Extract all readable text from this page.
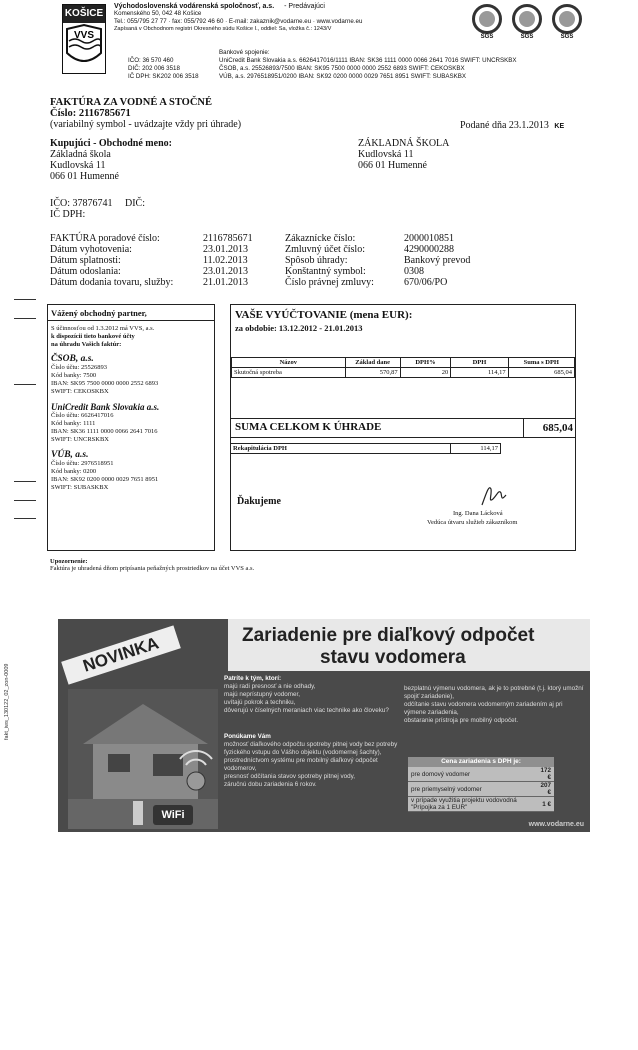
KOŠICE
VVS
Východoslovenská vodárenská spoločnosť, a.s. - Predávajúci
Komenského 50, 042 48 Košice
Tel.: 055/795 27 77 · fax: 055/792 46 60 · E-mail: zakaznik@vodarne.eu · www.vodarne.eu
Zapísaná v Obchodnom registri Okresného súdu Košice I., oddiel: Sa, vložka č.: 1243/V
IČO: 36 570 460
DIČ: 202 006 3518
IČ DPH: SK202 006 3518
Bankové spojenie:
UniCredit Bank Slovakia a.s. 6626417016/1111 IBAN: SK36 1111 0000 0066 2641 7016 SWIFT: UNCRSKBX
ČSOB, a.s. 25526893/7500 IBAN: SK95 7500 0000 0000 2552 6893 SWIFT: CEKOSKBX
VÚB, a.s. 2976518951/0200 IBAN: SK92 0200 0000 0029 7651 8951 SWIFT: SUBASKBX
SGS	SGS	SGS
FAKTÚRA ZA VODNÉ A STOČNÉ
Číslo: 2116785671
(variabilný symbol - uvádzajte vždy pri úhrade)	Podané dňa 23.1.2013 KE
Kupujúci - Obchodné meno:
Základná škola
Kudlovská 11
066 01 Humenné
ZÁKLADNÁ ŠKOLA
Kudlovská 11
066 01 Humenné
IČO: 37876741     DIČ:
IČ DPH:
FAKTÚRA poradové číslo:	2116785671
Dátum vyhotovenia:	23.01.2013
Dátum splatnosti:	11.02.2013
Dátum odoslania:	23.01.2013
Dátum dodania tovaru, služby:	21.01.2013
Zákaznícke číslo:	2000010851
Zmluvný účet číslo:	4290000288
Spôsob úhrady:	Bankový prevod
Konštantný symbol:	0308
Číslo právnej zmluvy:	670/06/PO
Vážený obchodný partner,
S účinnosťou od 1.3.2012 má VVS, a.s.
k dispozícii tieto bankové účty
na úhradu Vašich faktúr:
ČSOB, a.s.
Číslo účtu: 25526893
Kód banky: 7500
IBAN: SK95 7500 0000 0000 2552 6893
SWIFT: CEKOSKBX
UniCredit Bank Slovakia a.s.
Číslo účtu: 6626417016
Kód banky: 1111
IBAN: SK36 1111 0000 0066 2641 7016
SWIFT: UNCRSKBX
VÚB, a.s.
Číslo účtu: 2976518951
Kód banky: 0200
IBAN: SK92 0200 0000 0029 7651 8951
SWIFT: SUBASKBX
VAŠE VYÚČTOVANIE (mena EUR):
za obdobie: 13.12.2012 - 21.01.2013
Názov	Základ dane	DPH%	DPH	Suma s DPH
Skutočná spotreba	570,87	20	114,17	685,04
SUMA CELKOM K ÚHRADE	685,04
Rekapitulácia DPH	114,17
Ďakujeme
Ing. Dana Lácková
Vedúca útvaru služieb zákazníkom
Upozornenie:
Faktúra je uhradená dňom pripísania peňažných prostriedkov na účet VVS a.s.
fakt_iws_130122_02_zon-0009
Zariadenie pre diaľkový odpočet
stavu vodomera
NOVINKA
WiFi
Patríte k tým, ktorí:
majú radi presnosť a nie odhady,
majú neprístupný vodomer,
uvítajú pokrok a techniku,
dôverujú v číselných meraniach viac technike ako človeku?
Ponúkame Vám
možnosť diaľkového odpočtu spotreby pitnej vody bez potreby fyzického vstupu do Vášho objektu (vodomernej šachty), prostredníctvom systému pre mobilný diaľkový odpočet vodomerov,
presnosť odčítania stavov spotreby pitnej vody,
záručnú dobu zariadenia 6 rokov.
bezplatnú výmenu vodomera, ak je to potrebné (t.j. ktorý umožní spojiť zariadenie),
odčítanie stavu vodomera vodomerným zariadením aj pri výmene zariadenia,
obstaranie prístroja pre mobilný odpočet.
Cena zariadenia s DPH je:
pre domový vodomer	172 €
pre priemyselný vodomer	207 €
v prípade využitia projektu vodovodná "Prípojka za 1 EUR"	1 €
www.vodarne.eu
